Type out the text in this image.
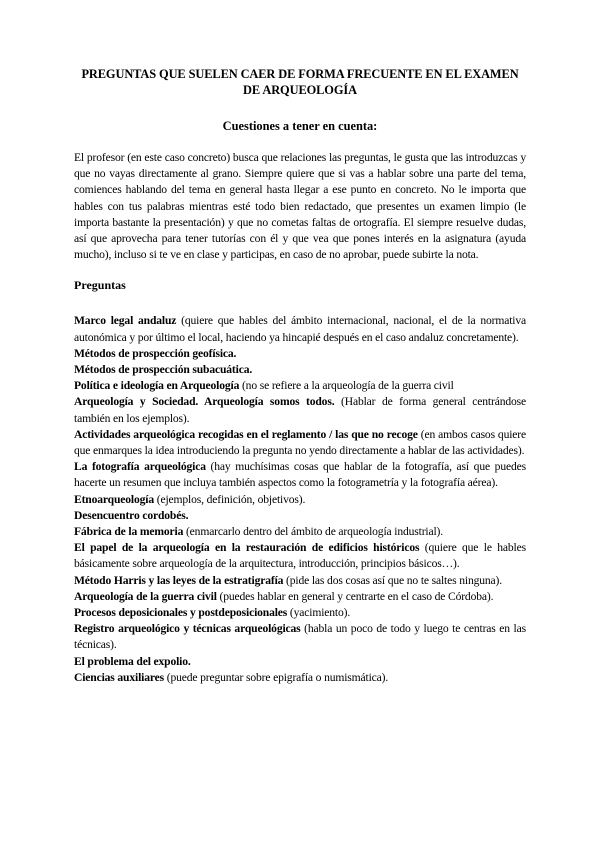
PREGUNTAS QUE SUELEN CAER DE FORMA FRECUENTE EN EL EXAMEN DE ARQUEOLOGÍA

Cuestiones a tener en cuenta:

El profesor (en este caso concreto) busca que relaciones las preguntas, le gusta que las introduzcas y que no vayas directamente al grano. Siempre quiere que si vas a hablar sobre una parte del tema, comiences hablando del tema en general hasta llegar a ese punto en concreto. No le importa que hables con tus palabras mientras esté todo bien redactado, que presentes un examen limpio (le importa bastante la presentación) y que no cometas faltas de ortografía. El siempre resuelve dudas, así que aprovecha para tener tutorías con él y que vea que pones interés en la asignatura (ayuda mucho), incluso si te ve en clase y participas, en caso de no aprobar, puede subirte la nota.

Preguntas

Marco legal andaluz (quiere que hables del ámbito internacional, nacional, el de la normativa autonómica y por último el local, haciendo ya hincapié después en el caso andaluz concretamente).

Métodos de prospección geofísica.

Métodos de prospección subacuática.

Política e ideología en Arqueología (no se refiere a la arqueología de la guerra civil

Arqueología y Sociedad. Arqueología somos todos. (Hablar de forma general centrándose también en los ejemplos).

Actividades arqueológica recogidas en el reglamento / las que no recoge (en ambos casos quiere que enmarques la idea introduciendo la pregunta no yendo directamente a hablar de las actividades).

La fotografía arqueológica (hay muchísimas cosas que hablar de la fotografía, así que puedes hacerte un resumen que incluya también aspectos como la fotogrametría y la fotografía aérea).

Etnoarqueología (ejemplos, definición, objetivos).

Desencuentro cordobés.

Fábrica de la memoria (enmarcarlo dentro del ámbito de arqueología industrial).

El papel de la arqueología en la restauración de edificios históricos (quiere que le hables básicamente sobre arqueología de la arquitectura, introducción, principios básicos…).

Método Harris y las leyes de la estratigrafía (pide las dos cosas así que no te saltes ninguna).

Arqueología de la guerra civil (puedes hablar en general y centrarte en el caso de Córdoba).

Procesos deposicionales y postdeposicionales (yacimiento).

Registro arqueológico y técnicas arqueológicas (habla un poco de todo y luego te centras en las técnicas).

El problema del expolio.

Ciencias auxiliares (puede preguntar sobre epigrafía o numismática).
